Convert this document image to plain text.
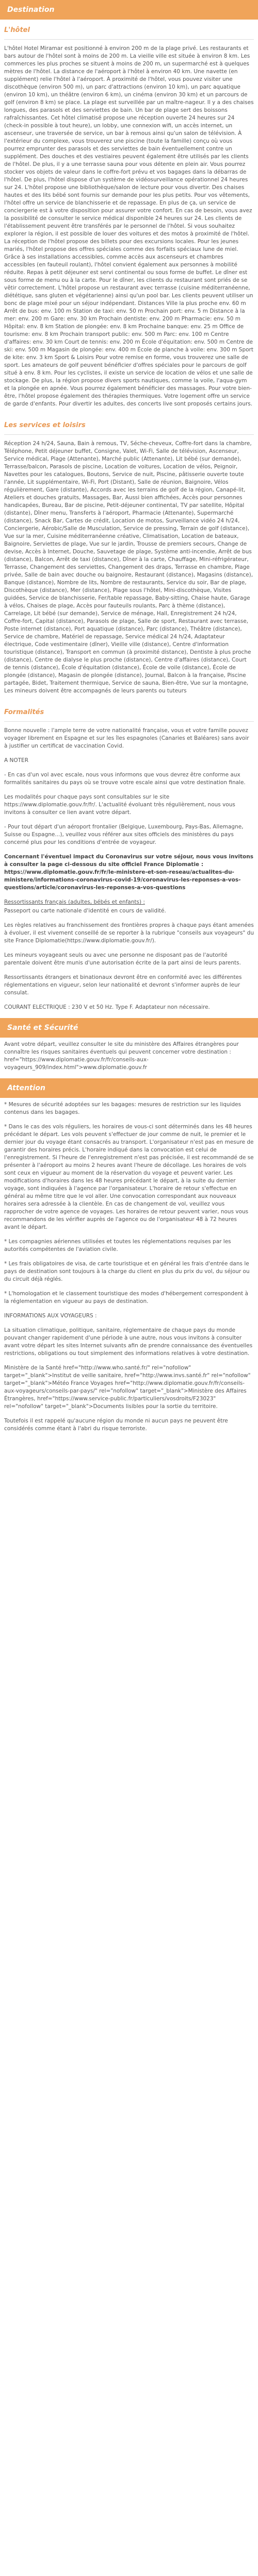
Destination
L'hôtel

L'hôtel Hotel Miramar est positionné à environ 200 m de la plage privé. Les restaurants et bars autour de l'hôtel sont à moins de 200 m. La vieille ville est située à environ 8 km. Les commerces les plus proches se situent à moins de 200 m, un supermarché est à quelques mètres de l'hôtel. La distance de l'aéroport à l'hôtel à environ 40 km. Une navette (en supplément) relie l'hôtel à l'aéroport. À proximité de l'hôtel, vous pouvez visiter une discothèque (environ 500 m), un parc d'attractions (environ 10 km), un parc aquatique (environ 10 km), un théâtre (environ 6 km), un cinéma (environ 30 km) et un parcours de golf (environ 8 km) se place. La plage est surveillée par un maître-nageur. Il y a des chaises longues, des parasols et des serviettes de bain. Un bar de plage sert des boissons rafraîchissantes. Cet hôtel climatisé propose une réception ouverte 24 heures sur 24 (check-in possible à tout heure), un lobby, une connexion wifi, un accès internet, un ascenseur, une traversée de service, un bar à remous ainsi qu'un salon de télévision. À l'extérieur du complexe, vous trouverez une piscine (toute la famille) conçu où vous pourrez emprunter des parasols et des serviettes de bain éventuellement contre un supplément. Des douches et des vestiaires peuvent également être utilisés par les clients de l'hôtel. De plus, il y a une terrasse sauna pour vous détente en plein air. Vous pourrez stocker vos objets de valeur dans le coffre-fort prévu et vos bagages dans la débarras de l'hôtel. De plus, l'hôtel dispose d'un système de vidéosurveillance opérationnel 24 heures sur 24. L'hôtel propose une bibliothèque/salon de lecture pour vous divertir. Des chaises hautes et des lits bébé sont fournis sur demande pour les plus petits. Pour vos vêtements, l'hôtel offre un service de blanchisserie et de repassage. En plus de ça, un service de conciergerie est à votre disposition pour assurer votre confort. En cas de besoin, vous avez la possibilité de consulter le service médical disponible 24 heures sur 24. Les clients de l'établissement peuvent être transférés par le personnel de l'hôtel. Si vous souhaitez explorer la région, il est possible de louer des voitures et des motos à proximité de l'hôtel. La réception de l'hôtel propose des billets pour des excursions locales. Pour les jeunes mariés, l'hôtel propose des offres spéciales comme des forfaits spéciaux lune de miel. Grâce à ses installations accessibles, comme accès aux ascenseurs et chambres accessibles (en fauteuil roulant), l'hôtel convient également aux personnes à mobilité réduite. Repas à petit déjeuner est servi continental ou sous forme de buffet. Le dîner est sous forme de menu ou à la carte. Pour le dîner, les clients du restaurant sont priés de se vêtir correctement. L'hôtel propose un restaurant avec terrasse (cuisine méditerranéenne, diététique, sans gluten et végétarienne) ainsi qu'un pool bar. Les clients peuvent utiliser un bonc de plage mixé pour un séjour indépendant. Distances Ville la plus proche env. 60 m Arrêt de bus: env. 100 m Station de taxi: env. 50 m Prochain port: env. 5 m Distance à la mer: env. 200 m Gare: env. 30 km Prochain dentiste: env. 200 m Pharmacie: env. 50 m Hôpital: env. 8 km Station de plongée: env. 8 km Prochaine banque: env. 25 m Office de tourisme: env. 8 km Prochain transport public: env. 500 m Parc: env. 100 m Centre d'affaires: env. 30 km Court de tennis: env. 200 m École d'équitation: env. 500 m Centre de ski: env. 500 m Magasin de plongée: env. 400 m École de planche à voile: env. 300 m Sport de kite: env. 3 km Sport & Loisirs Pour votre remise en forme, vous trouverez une salle de sport. Les amateurs de golf peuvent bénéficier d'offres spéciales pour le parcours de golf situé à env. 8 km. Pour les cyclistes, il existe un service de location de vélos et une salle de stockage. De plus, la région propose divers sports nautiques, comme la voile, l'aqua-gym et la plongée en apnée. Vous pourrez également bénéficier des massages. Pour votre bien-être, l'hôtel propose également des thérapies thermiques. Votre logement offre un service de garde d'enfants. Pour divertir les adultes, des concerts live sont proposés certains jours.

Les services et loisirs

Réception 24 h/24, Sauna, Bain à remous, TV, Séche-cheveux, Coffre-fort dans la chambre, Téléphone, Petit déjeuner buffet, Consigne, Valet, Wi-Fi, Salle de télévision, Ascenseur, Service médical, Plage (Attenante), Marché public (Attenante), Lit bébé (sur demande), Terrasse/balcon, Parasols de piscine, Location de voitures, Location de vélos, Peignoir, Navettes pour les catalogues, Boutons, Service de nuit, Piscine, pâtisserie ouverte toute l'année, Lit supplémentaire, Wi-Fi, Port (Distant), Salle de réunion, Baignoire, Vélos régulièrement, Gare (distante), Accords avec les terrains de golf de la région, Canapé-lit, Ateliers et douches gratuits, Massages, Bar, Aussi bien affichées, Accès pour personnes handicapées, Bureau, Bar de piscine, Petit-déjeuner continental, TV par satellite, Hôpital (distante), Dîner menu, Transferts à l'aéroport, Pharmacie (Attenante), Supermarché (distance), Snack Bar, Cartes de crédit, Location de motos, Surveillance vidéo 24 h/24, Conciergerie, Aérobic/Salle de Musculation, Service de pressing, Terrain de golf (distance), Vue sur la mer, Cuisine méditerranéenne créative, Climatisation, Location de bateaux, Baignoire, Serviettes de plage, Vue sur le jardin, Trousse de premiers secours, Change de devise, Accès à Internet, Douche, Sauvetage de plage, Système anti-incendie, Arrêt de bus (distance), Balcon, Arrêt de taxi (distance), Dîner à la carte, Chauffage, Mini-réfrigérateur, Terrasse, Changement des serviettes, Changement des draps, Terrasse en chambre, Plage privée, Salle de bain avec douche ou baignoire, Restaurant (distance), Magasins (distance), Banque (distance), Nombre de lits, Nombre de restaurants, Service du soir, Bar de plage, Discothèque (distance), Mer (distance), Plage sous l'hôtel, Mini-discothèque, Visites guidées, Service de blanchisserie, Fer/table repassage, Baby-sitting, Chaise haute, Garage à vélos, Chaises de plage, Accès pour fauteuils roulants, Parc à thème (distance), Carrelage, Lit bébé (sur demande), Service de ménage, Hall, Enregistrement 24 h/24, Coffre-fort, Capital (distance), Parasols de plage, Salle de sport, Restaurant avec terrasse, Poste internet (distance), Port aquatique (distance), Parc (distance), Théâtre (distance), Service de chambre, Matériel de repassage, Service médical 24 h/24, Adaptateur électrique, Code vestimentaire (dîner), Vieille ville (distance), Centre d'information touristique (distance), Transport en commun (à proximité distance), Dentiste à plus proche (distance), Centre de dialyse le plus proche (distance), Centre d'affaires (distance), Court de tennis (distance), École d'équitation (distance), École de voile (distance), École de plongée (distance), Magasin de plongée (distance), Journal, Balcon à la française, Piscine partagée, Bidet, Traitement thermique, Service de sauna, Bien-être, Vue sur la montagne, Les mineurs doivent être accompagnés de leurs parents ou tuteurs

Formalités

Bonne nouvelle : l'ample terre de votre nationalité française, vous et votre famille pouvez voyager librement en Espagne et sur les îles espagnoles (Canaries et Baléares) sans avoir à justifier un certificat de vaccination Covid.

A NOTER

- En cas d'un vol avec escale, nous vous informons que vous devrez être conforme aux formalités sanitaires du pays où se trouve votre escale ainsi que votre destination finale.

Les modalités pour chaque pays sont consultables sur le site https://www.diplomatie.gouv.fr/fr/. L'actualité évoluant très régulièrement, nous vous invitons à consulter ce lien avant votre départ.

- Pour tout départ d'un aéroport frontalier (Belgique, Luxembourg, Pays-Bas, Allemagne, Suisse ou Espagne...), veuillez vous référer aux sites officiels des ministères du pays concerné plus pour les conditions d'entrée de voyageur.

Concernant l'éventuel impact du Coronavirus sur votre séjour, nous vous invitons à consulter la page ci-dessous du site officiel France Diplomatie : https://www.diplomatie.gouv.fr/fr/le-ministere-et-son-reseau/actualites-du-ministere/informations-coronavirus-covid-19/coronavirus-les-reponses-a-vos-questions/article/coronavirus-les-reponses-a-vos-questions

Ressortissants français (adultes, bébés et enfants) :

Passeport ou carte nationale d'identité en cours de validité.

Les règles relatives au franchissement des frontières propres à chaque pays étant amenées à évoluer, il est vivement conseillé de se reporter à la rubrique "conseils aux voyageurs" du site France Diplomatie(https://www.diplomatie.gouv.fr/).

Les mineurs voyageant seuls ou avec une personne ne disposant pas de l'autorité parentale doivent être munis d'une autorisation écrite de la part ainsi de leurs parents.

Ressortissants étrangers et binationaux devront être en conformité avec les différentes réglementations en vigueur, selon leur nationalité et devront s'informer auprès de leur consulat.

COURANT ELECTRIQUE : 230 V et 50 Hz. Type F. Adaptateur non nécessaire.

Santé et Sécurité

Avant votre départ, veuillez consulter le site du ministère des Affaires étrangères pour connaître les risques sanitaires éventuels qui peuvent concerner votre destination : href="https://www.diplomatie.gouv.fr/fr/conseils-aux-voyageurs_909/index.html">www.diplomatie.gouv.fr

Attention

* Mesures de sécurité adoptées sur les bagages: mesures de restriction sur les liquides contenus dans les bagages.

* Dans le cas des vols réguliers, les horaires de vous-ci sont déterminés dans les 48 heures précédant le départ. Les vols peuvent s'effectuer de jour comme de nuit, le premier et le dernier jour du voyage étant consacrés au transport. L'organisateur n'est pas en mesure de garantir des horaires précis. L'horaire indiqué dans la convocation est celui de l'enregistrement. Si l'heure de l'enregistrement n'est pas précisée, il est recommandé de se présenter à l'aéroport au moins 2 heures avant l'heure de décollage. Les horaires de vols sont ceux en vigueur au moment de la réservation du voyage et peuvent varier. Les modifications d'horaires dans les 48 heures précédant le départ, à la suite du dernier voyage, sont indiquées à l'agence par l'organisateur. L'horaire de retour s'effectue en général au même titre que le vol aller. Une convocation correspondant aux nouveaux horaires sera adressée à la clientèle. En cas de changement de vol, veuillez vous rapprocher de votre agence de voyages. Les horaires de retour peuvent varier, nous vous recommandons de les vérifier auprès de l'agence ou de l'organisateur 48 à 72 heures avant le départ.

* Les compagnies aériennes utilisées et toutes les réglementations requises par les autorités compétentes de l'aviation civile.

* Les frais obligatoires de visa, de carte touristique et en général les frais d'entrée dans le pays de destination sont toujours à la charge du client en plus du prix du vol, du séjour ou du circuit déjà réglés.

* L'homologation et le classement touristique des modes d'hébergement correspondent à la réglementation en vigueur au pays de destination.

INFORMATIONS AUX VOYAGEURS :

La situation climatique, politique, sanitaire, réglementaire de chaque pays du monde pouvant changer rapidement d'une période à une autre, nous vous invitons à consulter avant votre départ les sites Internet suivants afin de prendre connaissance des éventuelles restrictions, obligations ou tout simplement des informations relatives à votre destination.

Ministère de la Santé href="http://www.who.santé.fr/" rel="nofollow" target="_blank">Institut de veille sanitaire, href="http://www.invs.santé.fr" rel="nofollow" target="_blank">Météo France Voyages href="http://www.diplomatie.gouv.fr/fr/conseils-aux-voyageurs/conseils-par-pays/" rel="nofollow" target="_blank">Ministère des Affaires Étrangères, href="https://www.service-public.fr/particuliers/vosdroits/F23023" rel="nofollow" target="_blank">Documents lisibles pour la sortie du territoire.

Toutefois il est rappelé qu'aucune région du monde ni aucun pays ne peuvent être considérés comme étant à l'abri du risque terroriste.
